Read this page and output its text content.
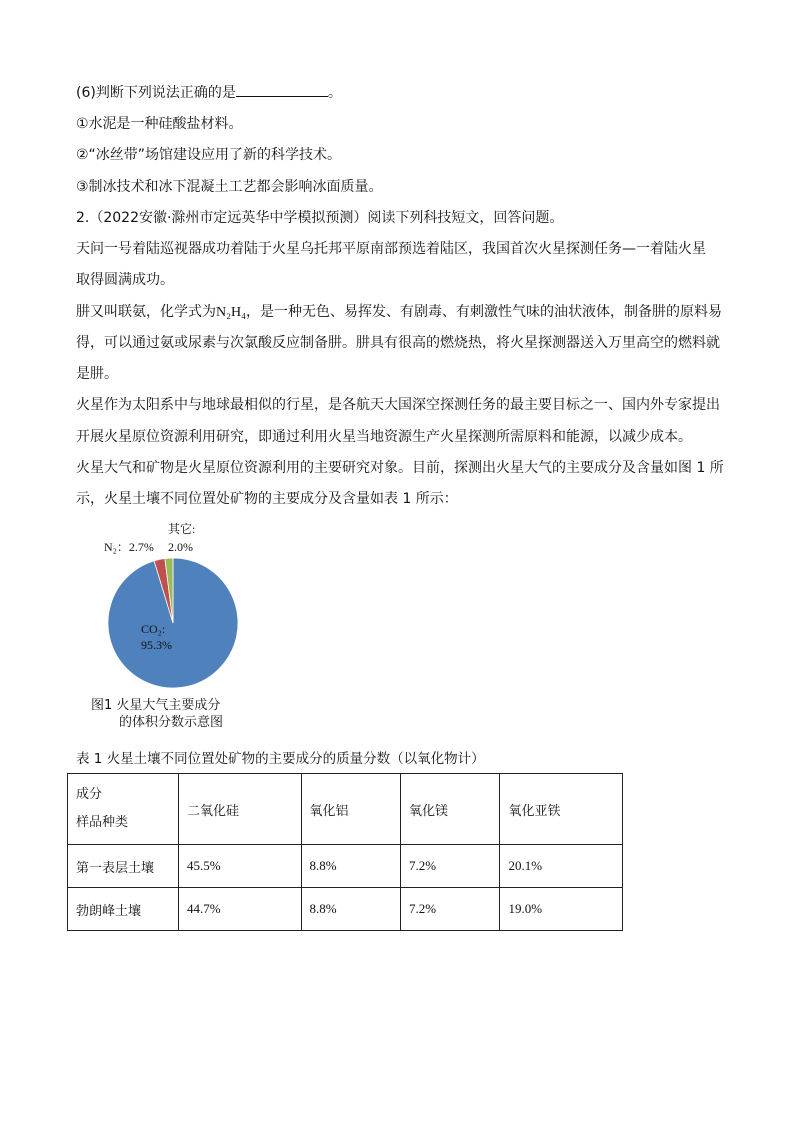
(6)判断下列说法正确的是	。
①水泥是一种硅酸盐材料。
②“冰丝带”场馆建设应用了新的科学技术。
③制冰技术和冰下混凝土工艺都会影响冰面质量。
2.（2022安徽·滁州市定远英华中学模拟预测）阅读下列科技短文，回答问题。
天问一号着陆巡视器成功着陆于火星乌托邦平原南部预选着陆区，我国首次火星探测任务—一着陆火星
取得圆满成功。
肼又叫联氨，化学式为N₂H₄，是一种无色、易挥发、有剧毒、有刺激性气味的油状液体，制备肼的原料易
得，可以通过氨或尿素与次氯酸反应制备肼。肼具有很高的燃烧热，将火星探测器送入万里高空的燃料就
是肼。
火星作为太阳系中与地球最相似的行星，是各航天大国深空探测任务的最主要目标之一、国内外专家提出
开展火星原位资源利用研究，即通过利用火星当地资源生产火星探测所需原料和能源，以减少成本。
火星大气和矿物是火星原位资源利用的主要研究对象。目前，探测出火星大气的主要成分及含量如图 1 所
示，火星土壤不同位置处矿物的主要成分及含量如表 1 所示：
CO₂:
95.3%
N₂：2.7%
其它:
2.0%
图1 火星大气主要成分
的体积分数示意图
表 1 火星土壤不同位置处矿物的主要成分的质量分数（以氧化物计）
成分
样品种类	二氧化硅	氧化铝	氧化镁	氧化亚铁
第一表层土壤	45.5%	8.8%	7.2%	20.1%
勃朗峰土壤	44.7%	8.8%	7.2%	19.0%
